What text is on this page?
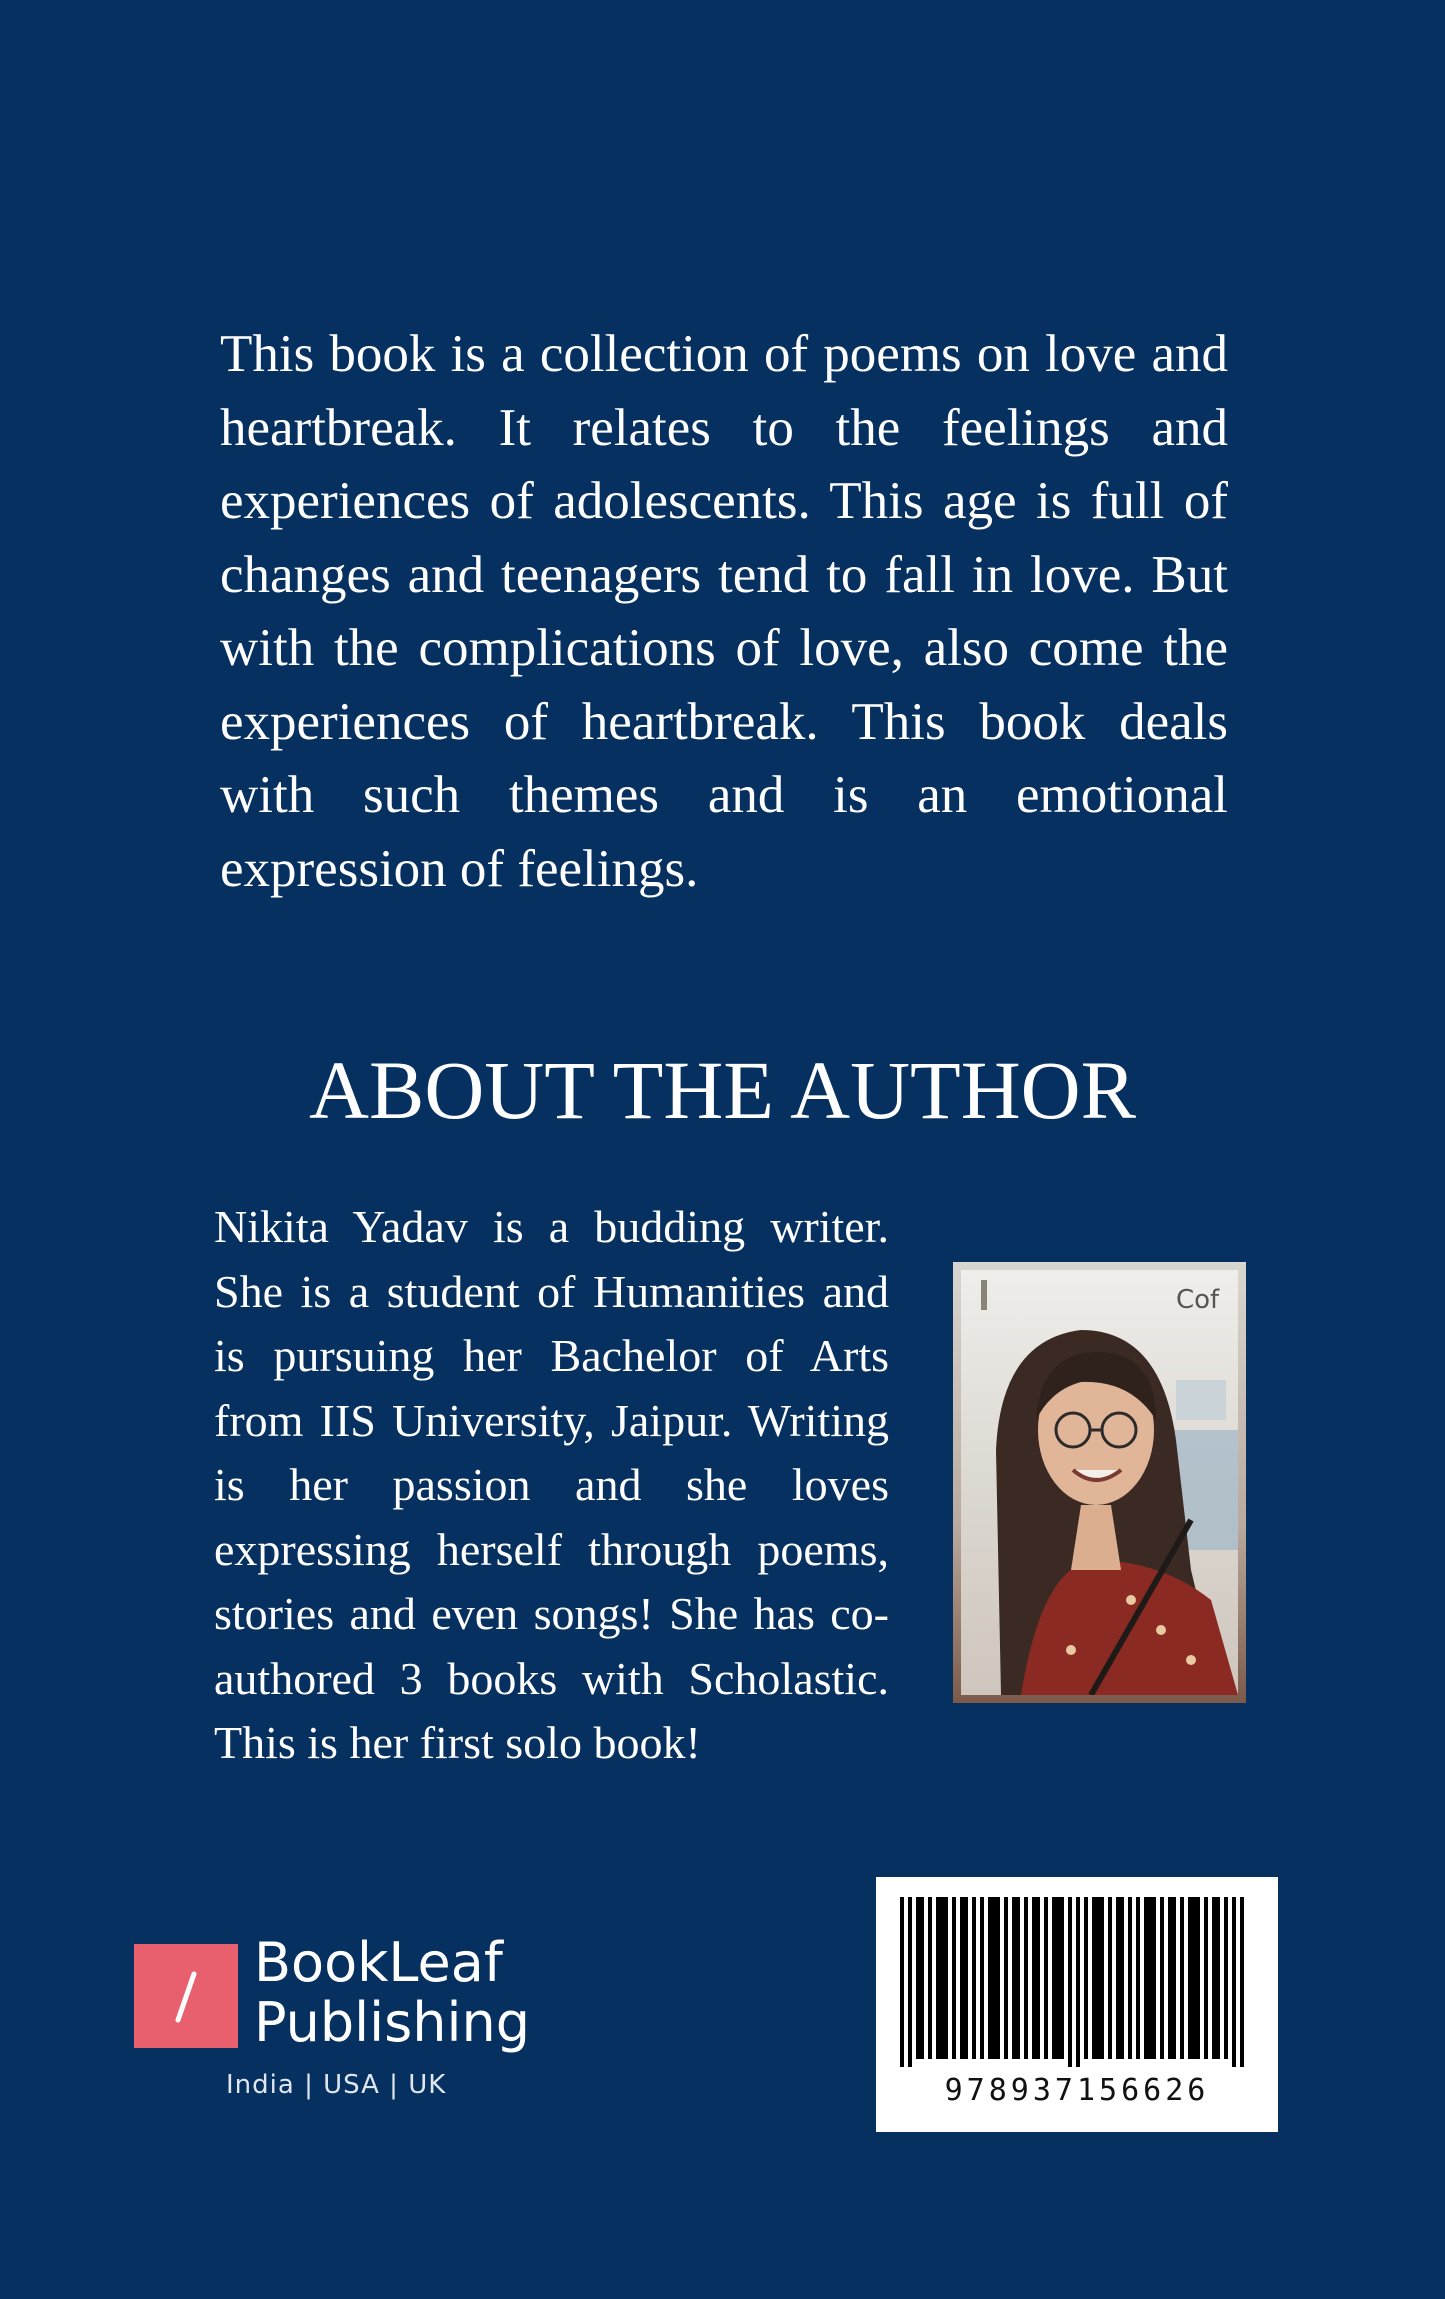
This book is a collection of poems on love and heartbreak. It relates to the feelings and experiences of adolescents. This age is full of changes and teenagers tend to fall in love. But with the complications of love, also come the experiences of heartbreak. This book deals with such themes and is an emotional expression of feelings.

ABOUT THE AUTHOR

Nikita Yadav is a budding writer. She is a student of Humanities and is pursuing her Bachelor of Arts from IIS University, Jaipur. Writing is her passion and she loves expressing herself through poems, stories and even songs! She has co-authored 3 books with Scholastic. This is her first solo book!

Cof
978937156626
BookLeaf
Publishing
India | USA | UK
